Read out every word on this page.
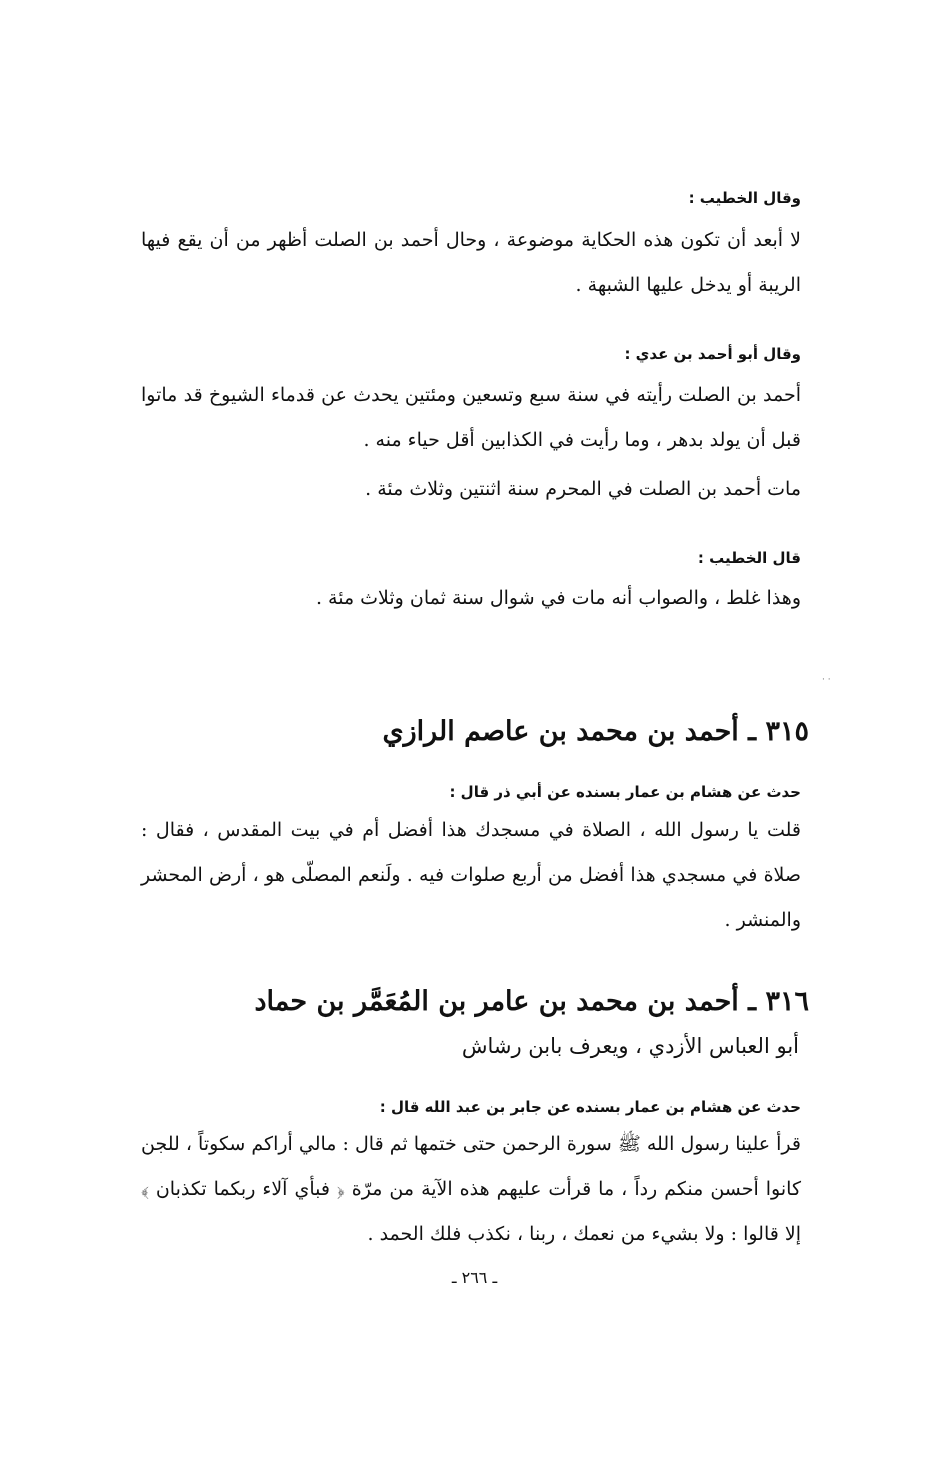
وقال الخطيب :
لا أبعد أن تكون هذه الحكاية موضوعة ، وحال أحمد بن الصلت أظهر من أن يقع فيها الريبة أو يدخل عليها الشبهة .
وقال أبو أحمد بن عدي :
أحمد بن الصلت رأيته في سنة سبع وتسعين ومئتين يحدث عن قدماء الشيوخ قد ماتوا قبل أن يولد بدهر ، وما رأيت في الكذابين أقل حياء منه .
مات أحمد بن الصلت في المحرم سنة اثنتين وثلاث مئة .
قال الخطيب :
وهذا غلط ، والصواب أنه مات في شوال سنة ثمان وثلاث مئة .
· ·
٣١٥ ـ أحمد بن محمد بن عاصم الرازي
حدث عن هشام بن عمار بسنده عن أبي ذر قال :
قلت يا رسول الله ، الصلاة في مسجدك هذا أفضل أم في بيت المقدس ، فقال : صلاة في مسجدي هذا أفضل من أربع صلوات فيه . ولَنعم المصلّى هو ، أرض المحشر والمنشر .
٣١٦ ـ أحمد بن محمد بن عامر بن المُعَمَّر بن حماد
أبو العباس الأزدي ، ويعرف بابن رشاش
حدث عن هشام بن عمار بسنده عن جابر بن عبد الله قال :
قرأ علينا رسول الله ﷺ سورة الرحمن حتى ختمها ثم قال : مالي أراكم سكوتاً ، للجن كانوا أحسن منكم رداً ، ما قرأت عليهم هذه الآية من مرّة ﴿ فبأي آلاء ربكما تكذبان ﴾ إلا قالوا : ولا بشيء من نعمك ، ربنا ، نكذب فلك الحمد .
ـ ٢٦٦ ـ
